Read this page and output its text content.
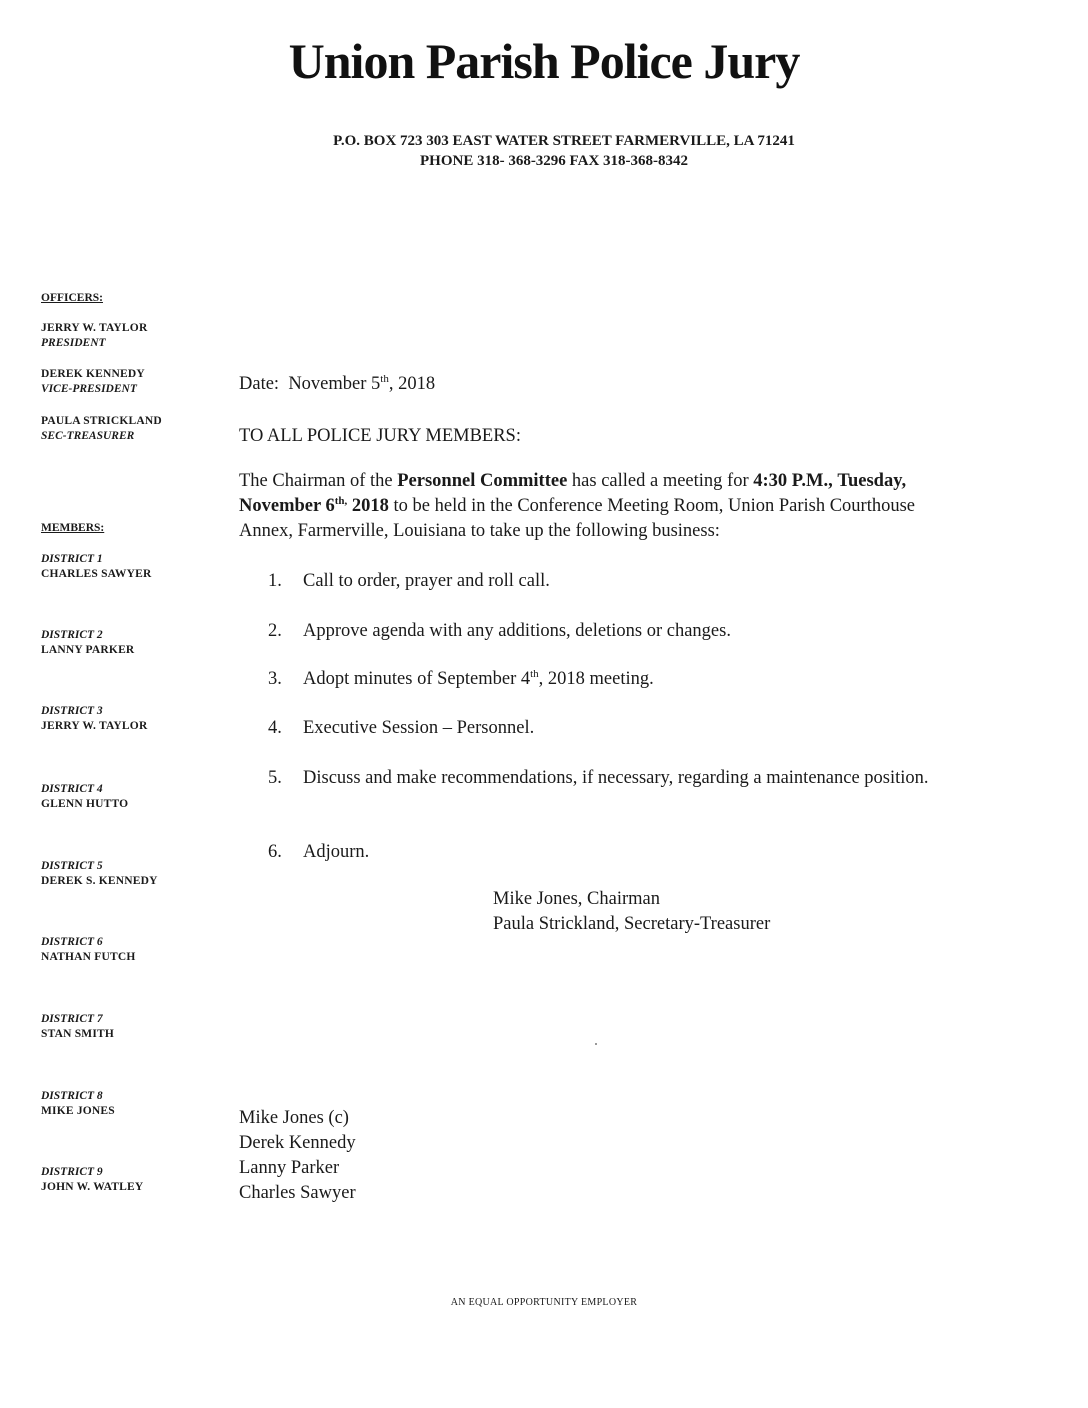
Union Parish Police Jury
P.O. BOX 723 303 EAST WATER STREET FARMERVILLE, LA 71241
PHONE 318- 368-3296 FAX 318-368-8342
OFFICERS:
JERRY W. TAYLOR
PRESIDENT
DEREK KENNEDY
VICE-PRESIDENT
PAULA STRICKLAND
SEC-TREASURER
MEMBERS:
DISTRICT 1
CHARLES SAWYER
DISTRICT 2
LANNY PARKER
DISTRICT 3
JERRY W. TAYLOR
DISTRICT 4
GLENN HUTTO
DISTRICT 5
DEREK S. KENNEDY
DISTRICT 6
NATHAN FUTCH
DISTRICT 7
STAN SMITH
DISTRICT 8
MIKE JONES
DISTRICT 9
JOHN W. WATLEY
Date: November 5th, 2018
TO ALL POLICE JURY MEMBERS:
The Chairman of the Personnel Committee has called a meeting for 4:30 P.M., Tuesday, November $6^{th,}$ 2018 to be held in the Conference Meeting Room, Union Parish Courthouse Annex, Farmerville, Louisiana to take up the following business:
1.	Call to order, prayer and roll call.
2.	Approve agenda with any additions, deletions or changes.
3.	Adopt minutes of September 4th, 2018 meeting.
4.	Executive Session – Personnel.
5.	Discuss and make recommendations, if necessary, regarding a maintenance position.
6.	Adjourn.
Mike Jones, Chairman
Paula Strickland, Secretary-Treasurer
Mike Jones (c)
Derek Kennedy
Lanny Parker
Charles Sawyer
AN EQUAL OPPORTUNITY EMPLOYER
